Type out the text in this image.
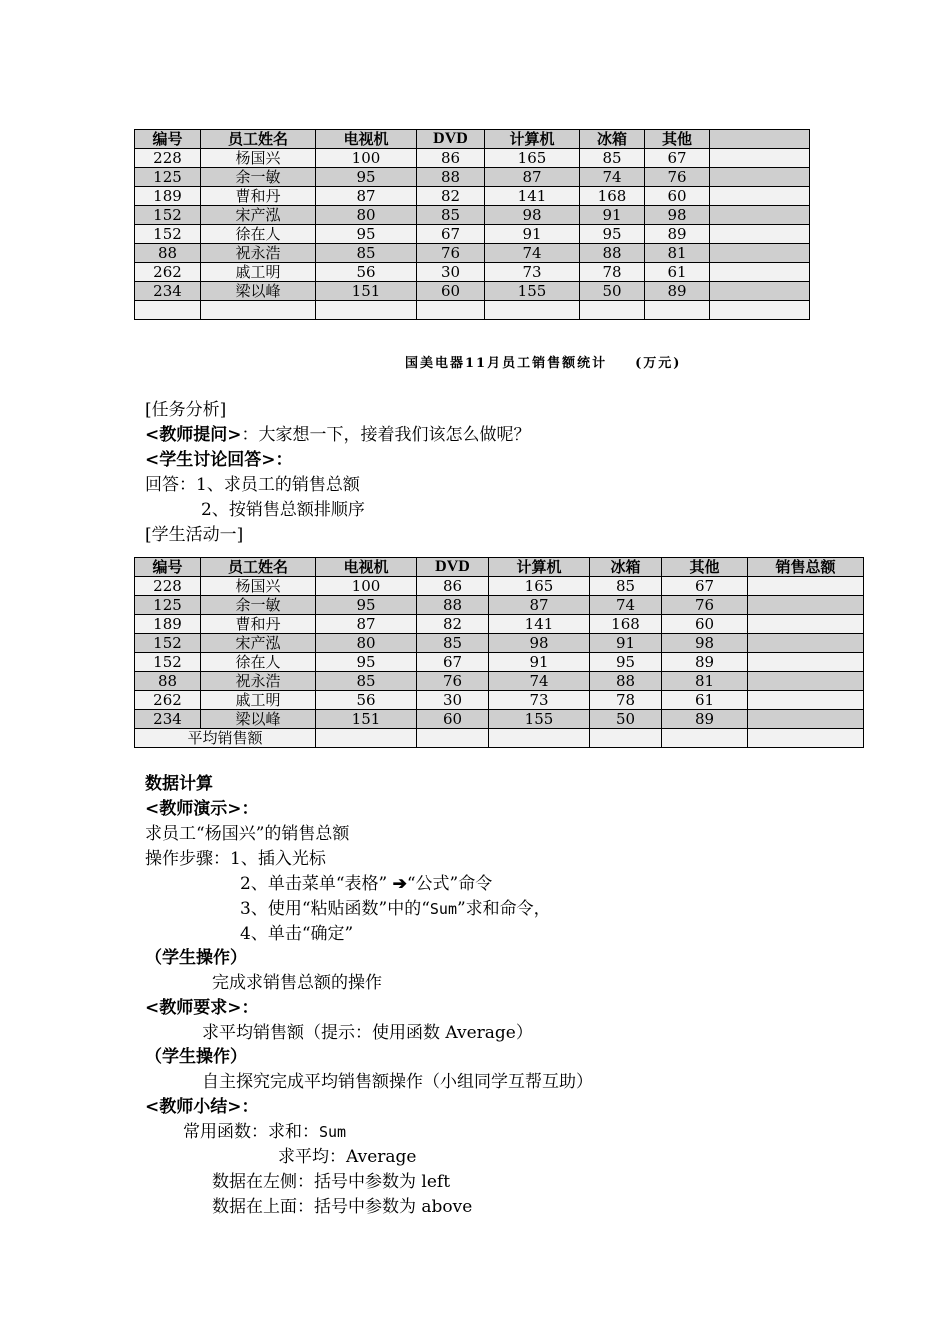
编号	员工姓名	电视机	DVD	计算机	冰箱	其他	
228	杨国兴	100	86	165	85	67	
125	余一敏	95	88	87	74	76	
189	曹和丹	87	82	141	168	60	
152	宋产泓	80	85	98	91	98	
152	徐在人	95	67	91	95	89	
88	祝永浩	85	76	74	88	81	
262	戚工明	56	30	73	78	61	
234	梁以峰	151	60	155	50	89	

国美电器11月员工销售额统计 (万元)
[任务分析]
<教师提问>：大家想一下，接着我们该怎么做呢？
<学生讨论回答>：
回答：1、求员工的销售总额
2、按销售总额排顺序
[学生活动一]
编号	员工姓名	电视机	DVD	计算机	冰箱	其他	销售总额
228	杨国兴	100	86	165	85	67	
125	余一敏	95	88	87	74	76	
189	曹和丹	87	82	141	168	60	
152	宋产泓	80	85	98	91	98	
152	徐在人	95	67	91	95	89	
88	祝永浩	85	76	74	88	81	
262	戚工明	56	30	73	78	61	
234	梁以峰	151	60	155	50	89	
平均销售额							
数据计算
<教师演示>：
求员工“杨国兴”的销售总额
操作步骤：1、插入光标
2、单击菜单“表格” ➔“公式”命令
3、使用“粘贴函数”中的“Sum”求和命令，
4、单击“确定”
（学生操作）
完成求销售总额的操作
<教师要求>：
求平均销售额（提示：使用函数 Average）
（学生操作）
自主探究完成平均销售额操作（小组同学互帮互助）
<教师小结>：
常用函数：求和：Sum
求平均：Average
数据在左侧：括号中参数为 left
数据在上面：括号中参数为 above
